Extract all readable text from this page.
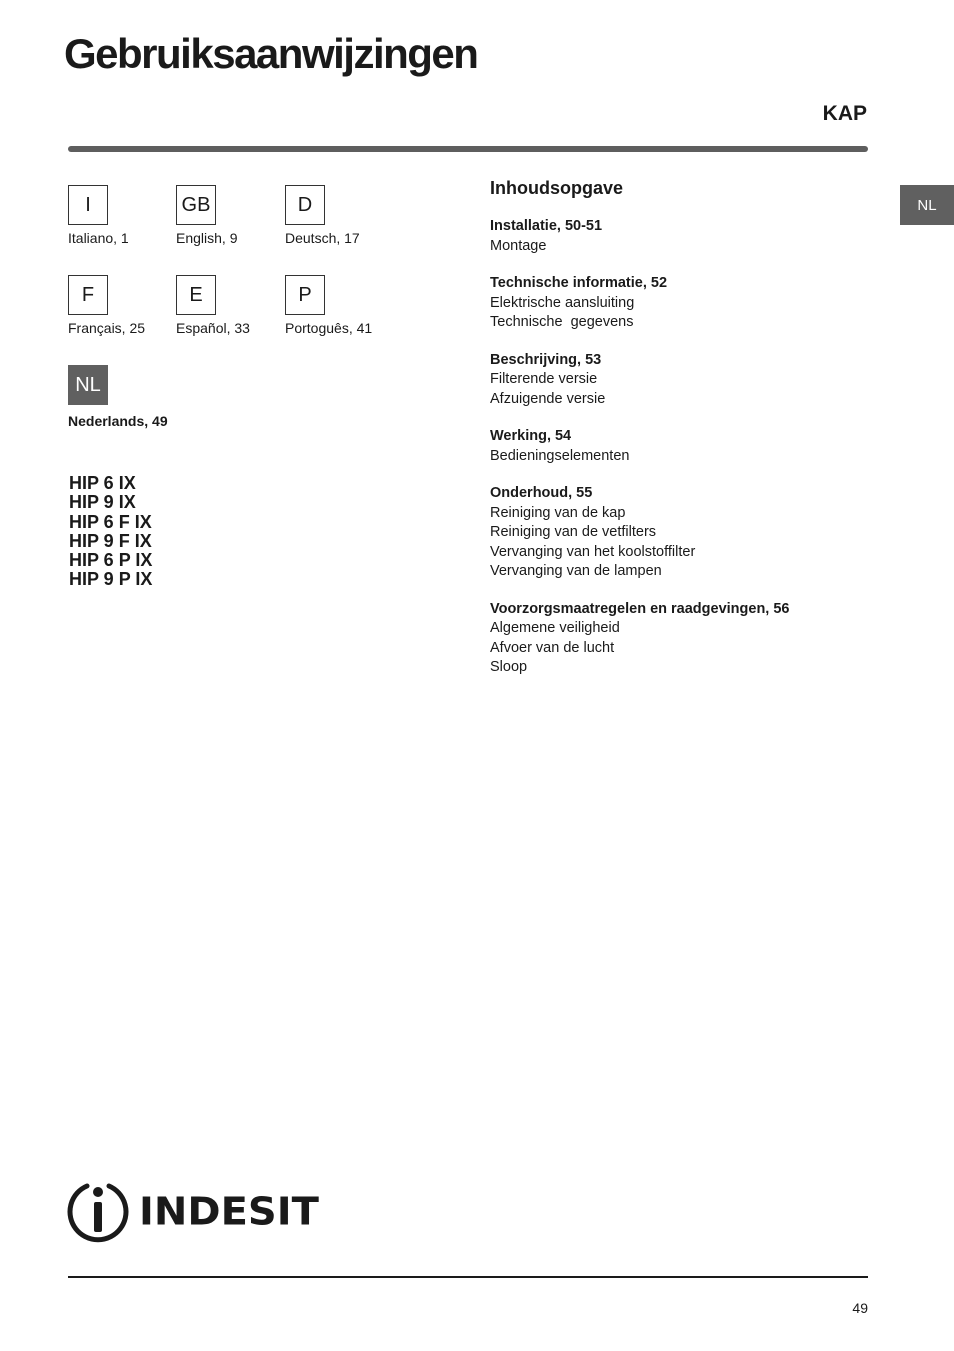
Gebruiksaanwijzingen
KAP
NL
I
Italiano, 1
GB
English, 9
D
Deutsch, 17
F
Français, 25
E
Español, 33
P
Portoguês, 41
NL
Nederlands, 49
HIP 6 IX
HIP 9 IX
HIP 6 F IX
HIP 9 F IX
HIP 6 P IX
HIP 9 P IX
Inhoudsopgave
Installatie, 50-51
Montage
Technische informatie, 52
Elektrische aansluiting
Technische  gegevens
Beschrijving, 53
Filterende versie
Afzuigende versie
Werking, 54
Bedieningselementen
Onderhoud, 55
Reiniging van de kap
Reiniging van de vetfilters
Vervanging van het koolstoffilter
Vervanging van de lampen
Voorzorgsmaatregelen en raadgevingen, 56
Algemene veiligheid
Afvoer van de lucht
Sloop
INDESIT
49
